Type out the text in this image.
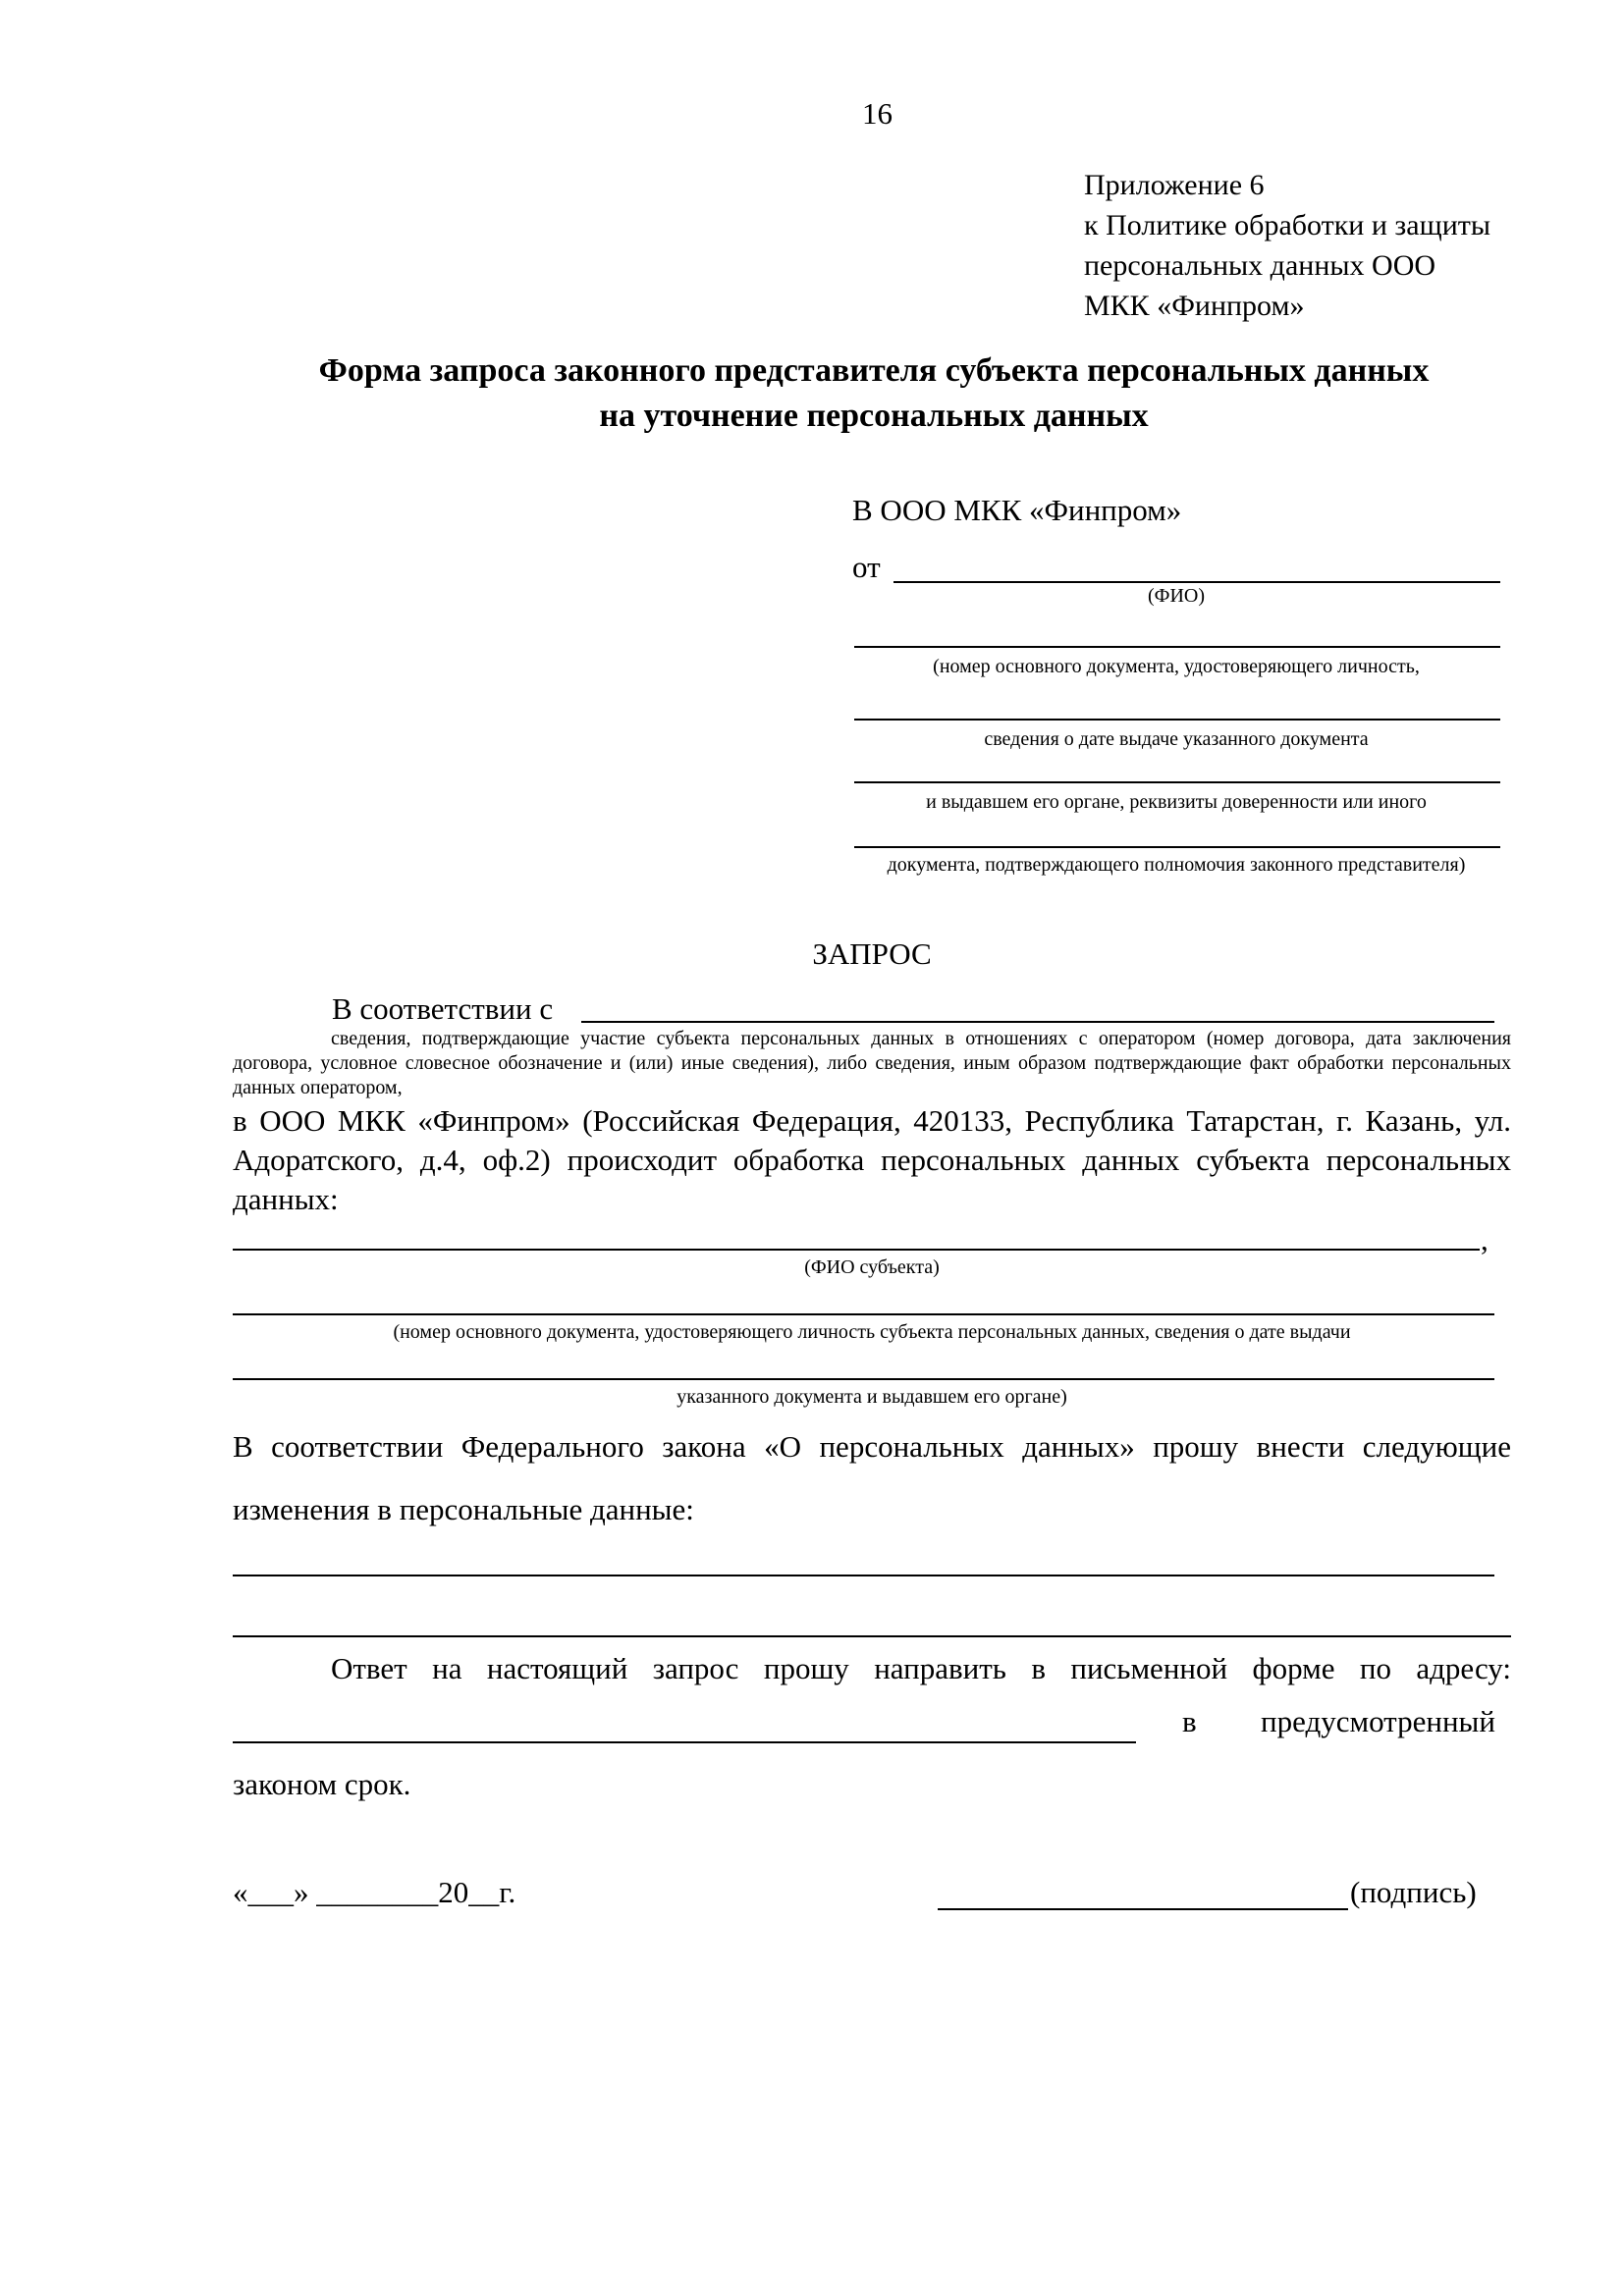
16
Приложение 6
к Политике обработки и защиты
персональных данных ООО
МКК «Финпром»
Форма запроса законного представителя субъекта персональных данных
на уточнение персональных данных
В ООО МКК «Финпром»
от
(ФИО)
(номер основного документа, удостоверяющего личность,
сведения о дате выдаче указанного документа
и выдавшем его органе, реквизиты доверенности или иного
документа, подтверждающего полномочия законного представителя)
ЗАПРОС
В соответствии с
сведения, подтверждающие участие субъекта персональных данных в отношениях с оператором (номер договора, дата заключения договора, условное словесное обозначение и (или) иные сведения), либо сведения, иным образом подтверждающие факт обработки персональных данных оператором,
в ООО МКК «Финпром» (Российская Федерация, 420133, Республика Татарстан, г. Казань, ул. Адоратского, д.4, оф.2) происходит обработка персональных данных субъекта персональных данных:
,
(ФИО субъекта)
(номер основного документа, удостоверяющего личность субъекта персональных данных, сведения о дате выдачи
указанного документа и выдавшем его органе)
В соответствии Федерального закона «О персональных данных» прошу внести следующие изменения в персональные данные:
Ответ на настоящий запрос прошу направить в письменной форме по адресу:
в предусмотренный
законом срок.
«___» ________20__г.	(подпись)
